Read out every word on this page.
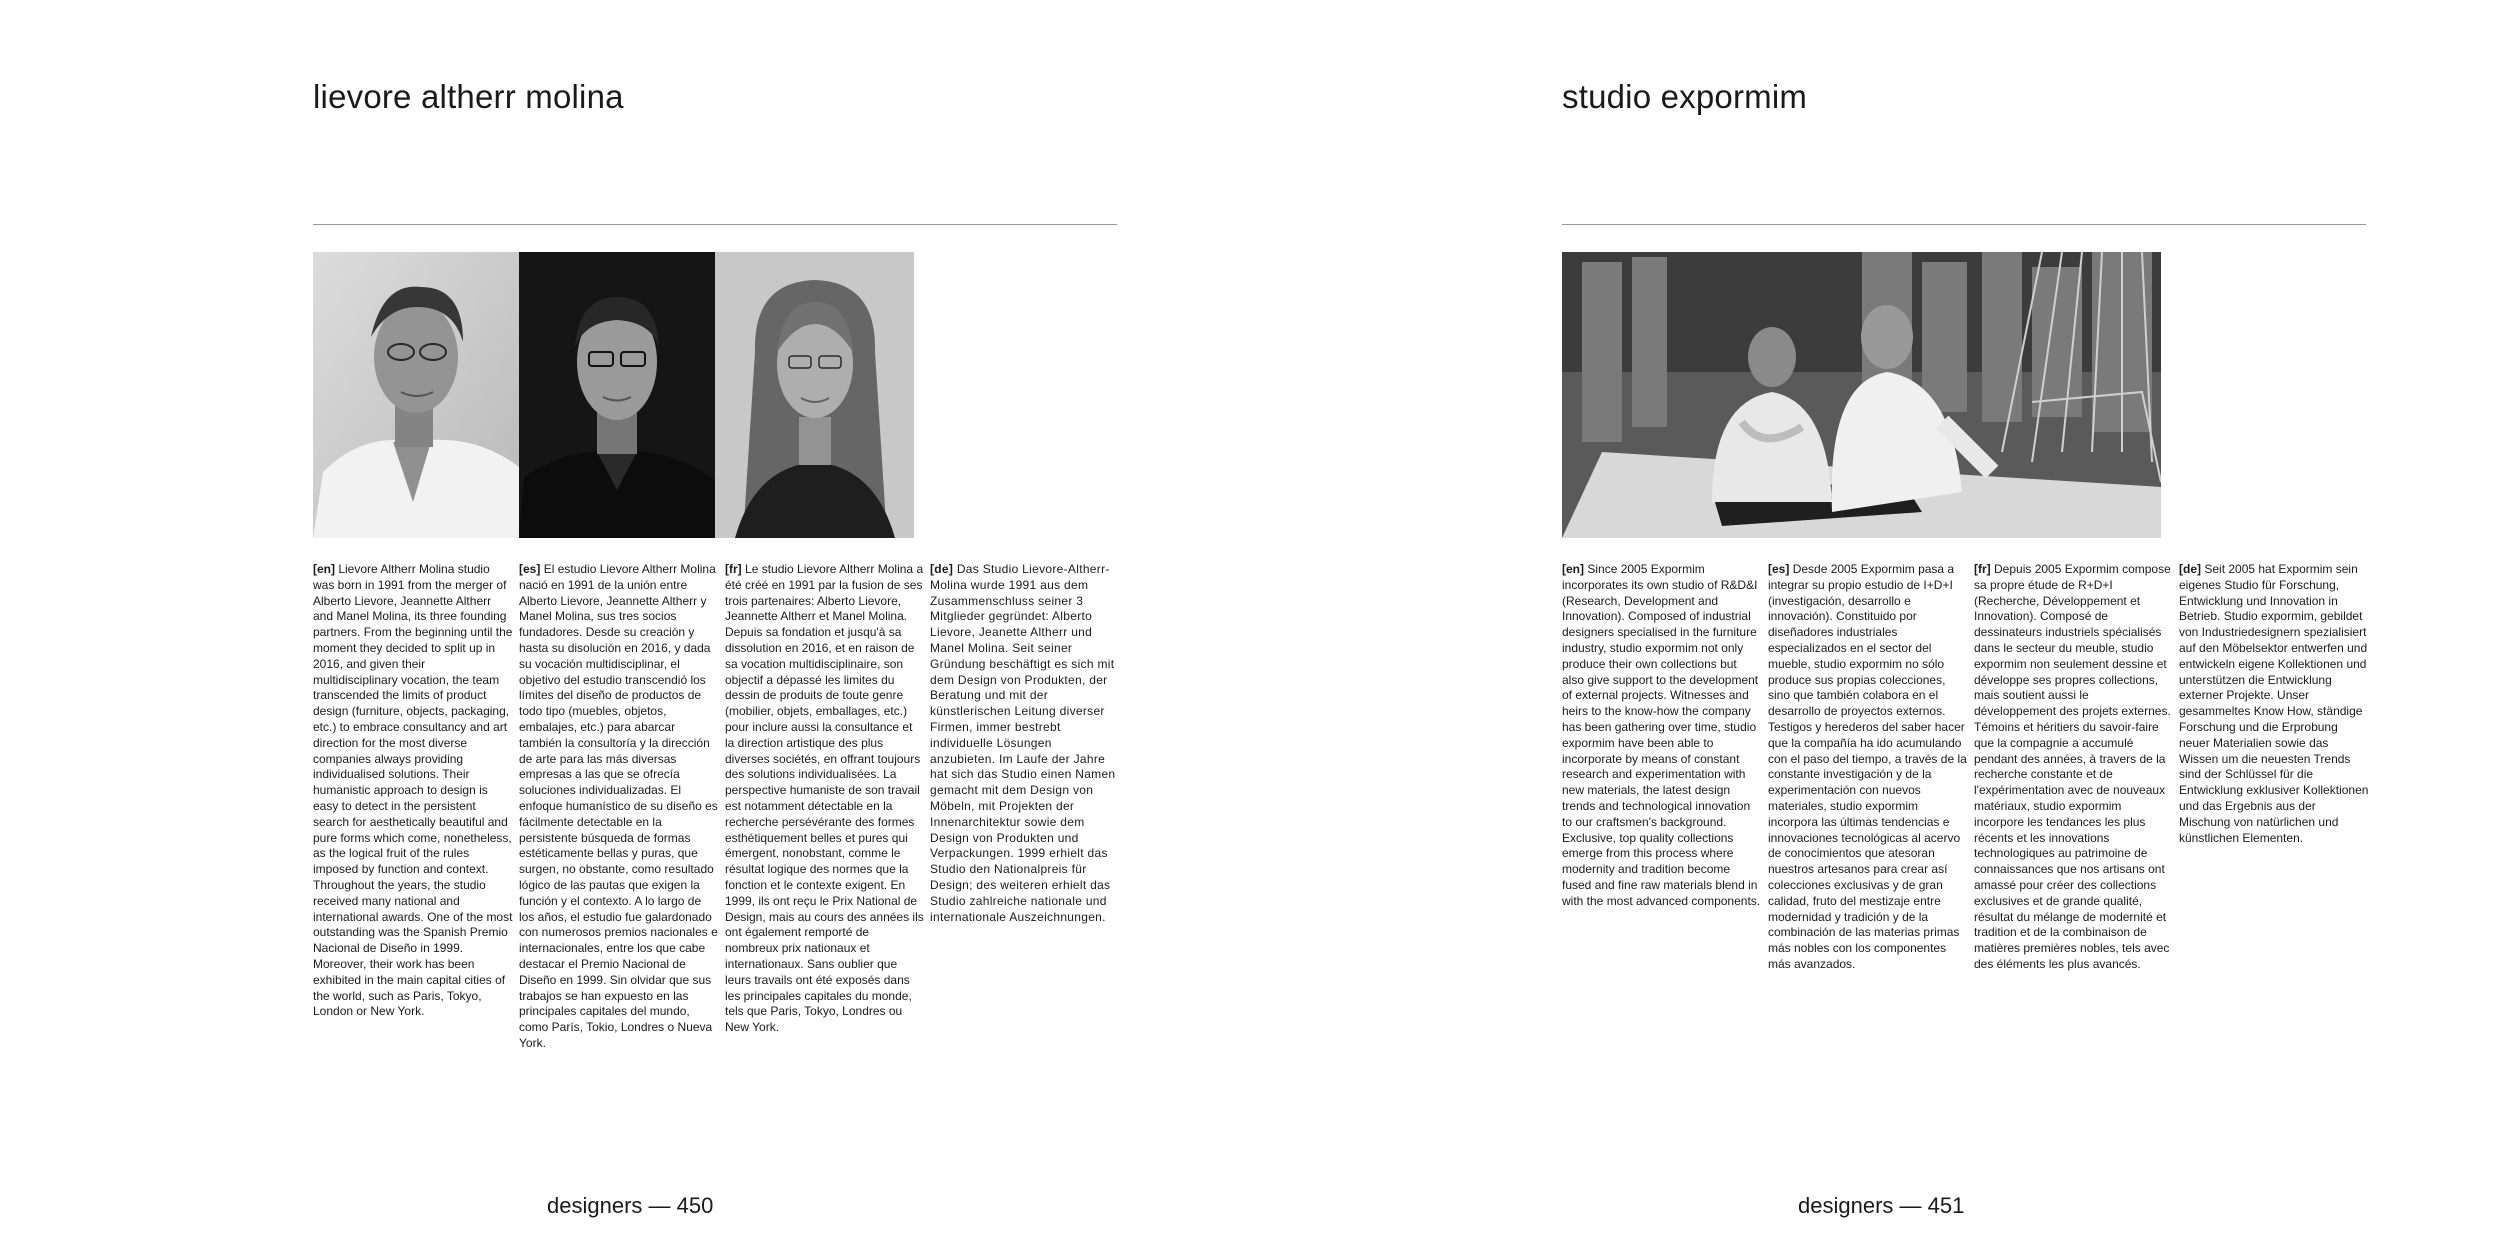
lievore altherr molina
[en] Lievore Altherr Molina studio was born in 1991 from the merger of Alberto Lievore, Jeannette Altherr and Manel Molina, its three founding partners. From the beginning until the moment they decided to split up in 2016, and given their multidisciplinary vocation, the team transcended the limits of product design (furniture, objects, packaging, etc.) to embrace consultancy and art direction for the most diverse companies always providing individualised solutions. Their humanistic approach to design is easy to detect in the persistent search for aesthetically beautiful and pure forms which come, nonetheless, as the logical fruit of the rules imposed by function and context. Throughout the years, the studio received many national and international awards. One of the most outstanding was the Spanish Premio Nacional de Diseño in 1999. Moreover, their work has been exhibited in the main capital cities of the world, such as Paris, Tokyo, London or New York.
[es] El estudio Lievore Altherr Molina nació en 1991 de la unión entre Alberto Lievore, Jeannette Altherr y Manel Molina, sus tres socios fundadores. Desde su creación y hasta su disolución en 2016, y dada su vocación multidisciplinar, el objetivo del estudio transcendió los límites del diseño de productos de todo tipo (muebles, objetos, embalajes, etc.) para abarcar también la consultoría y la dirección de arte para las más diversas empresas a las que se ofrecía soluciones individualizadas. El enfoque humanístico de su diseño es fácilmente detectable en la persistente búsqueda de formas estéticamente bellas y puras, que surgen, no obstante, como resultado lógico de las pautas que exigen la función y el contexto. A lo largo de los años, el estudio fue galardonado con numerosos premios nacionales e internacionales, entre los que cabe destacar el Premio Nacional de Diseño en 1999. Sin olvidar que sus trabajos se han expuesto en las principales capitales del mundo, como París, Tokio, Londres o Nueva York.
[fr] Le studio Lievore Altherr Molina a été créé en 1991 par la fusion de ses trois partenaires: Alberto Lievore, Jeannette Altherr et Manel Molina. Depuis sa fondation et jusqu'à sa dissolution en 2016, et en raison de sa vocation multidisciplinaire, son objectif a dépassé les limites du dessin de produits de toute genre (mobilier, objets, emballages, etc.) pour inclure aussi la consultance et la direction artistique des plus diverses sociétés, en offrant toujours des solutions individualisées. La perspective humaniste de son travail est notamment détectable en la recherche persévérante des formes esthétiquement belles et pures qui émergent, nonobstant, comme le résultat logique des normes que la fonction et le contexte exigent. En 1999, ils ont reçu le Prix National de Design, mais au cours des années ils ont également remporté de nombreux prix nationaux et internationaux. Sans oublier que leurs travails ont été exposés dans les principales capitales du monde, tels que Paris, Tokyo, Londres ou New York.
[de] Das Studio Lievore-Altherr-Molina wurde 1991 aus dem Zusammenschluss seiner 3 Mitglieder gegründet: Alberto Lievore, Jeanette Altherr und Manel Molina. Seit seiner Gründung beschäftigt es sich mit dem Design von Produkten, der Beratung und mit der künstlerischen Leitung diverser Firmen, immer bestrebt individuelle Lösungen anzubieten. Im Laufe der Jahre hat sich das Studio einen Namen gemacht mit dem Design von Möbeln, mit Projekten der Innenarchitektur sowie dem Design von Produkten und Verpackungen. 1999 erhielt das Studio den Nationalpreis für Design; des weiteren erhielt das Studio zahlreiche nationale und internationale Auszeichnungen.
designers — 450
studio expormim
[en] Since 2005 Expormim incorporates its own studio of R&D&I (Research, Development and Innovation). Composed of industrial designers specialised in the furniture industry, studio expormim not only produce their own collections but also give support to the development of external projects. Witnesses and heirs to the know-how the company has been gathering over time, studio expormim have been able to incorporate by means of constant research and experimentation with new materials, the latest design trends and technological innovation to our craftsmen's background. Exclusive, top quality collections emerge from this process where modernity and tradition become fused and fine raw materials blend in with the most advanced components.
[es] Desde 2005 Expormim pasa a integrar su propio estudio de I+D+I (investigación, desarrollo e innovación). Constituido por diseñadores industriales especializados en el sector del mueble, studio expormim no sólo produce sus propias colecciones, sino que también colabora en el desarrollo de proyectos externos. Testigos y herederos del saber hacer que la compañía ha ido acumulando con el paso del tiempo, a través de la constante investigación y de la experimentación con nuevos materiales, studio expormim incorpora las últimas tendencias e innovaciones tecnológicas al acervo de conocimientos que atesoran nuestros artesanos para crear así colecciones exclusivas y de gran calidad, fruto del mestizaje entre modernidad y tradición y de la combinación de las materias primas más nobles con los componentes más avanzados.
[fr] Depuis 2005 Expormim compose sa propre étude de R+D+I (Recherche, Développement et Innovation). Composé de dessinateurs industriels spécialisés dans le secteur du meuble, studio expormim non seulement dessine et développe ses propres collections, mais soutient aussi le développement des projets externes. Témoins et héritiers du savoir-faire que la compagnie a accumulé pendant des années, à travers de la recherche constante et de l'expérimentation avec de nouveaux matériaux, studio expormim incorpore les tendances les plus récents et les innovations technologiques au patrimoine de connaissances que nos artisans ont amassé pour créer des collections exclusives et de grande qualité, résultat du mélange de modernité et tradition et de la combinaison de matières premières nobles, tels avec des éléments les plus avancés.
[de] Seit 2005 hat Expormim sein eigenes Studio für Forschung, Entwicklung und Innovation in Betrieb. Studio expormim, gebildet von Industriedesignern spezialisiert auf den Möbelsektor entwerfen und entwickeln eigene Kollektionen und unterstützen die Entwicklung externer Projekte. Unser gesammeltes Know How, ständige Forschung und die Erprobung neuer Materialien sowie das Wissen um die neuesten Trends sind der Schlüssel für die Entwicklung exklusiver Kollektionen und das Ergebnis aus der Mischung von natürlichen und künstlichen Elementen.
designers — 451
